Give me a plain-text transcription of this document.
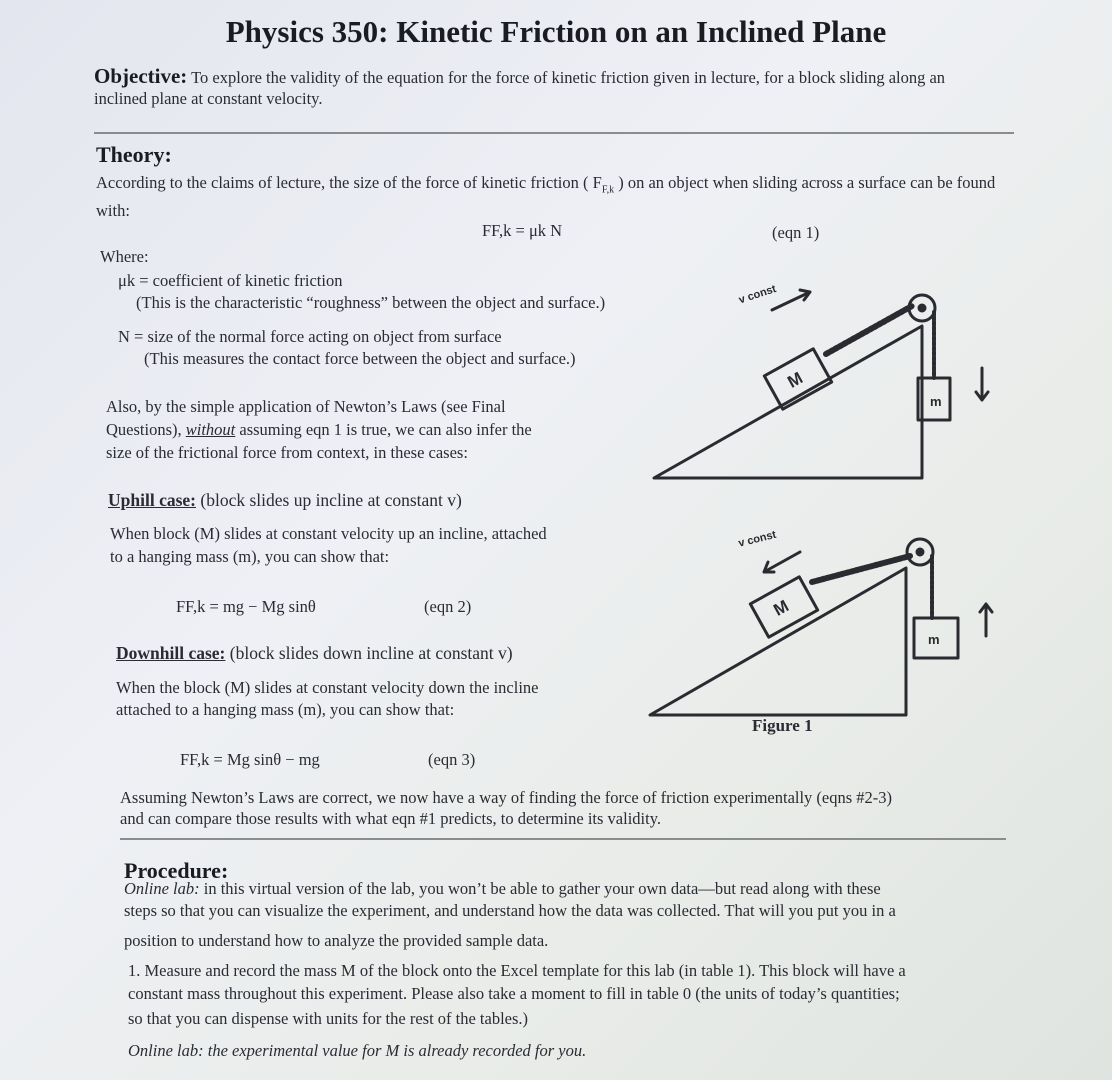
Physics 350: Kinetic Friction on an Inclined Plane
Objective: To explore the validity of the equation for the force of kinetic friction given in lecture, for a block sliding along an inclined plane at constant velocity.
Theory:
According to the claims of lecture, the size of the force of kinetic friction ( $F_{F,k}$ ) on an object when sliding across a surface can be found with:
FF,k = μk N	(eqn 1)
Where:
μk = coefficient of kinetic friction
(This is the characteristic “roughness” between the object and surface.)
N = size of the normal force acting on object from surface
(This measures the contact force between the object and surface.)
Also, by the simple application of Newton’s Laws (see Final
Questions), without assuming eqn 1 is true, we can also infer the
size of the frictional force from context, in these cases:
Uphill case: (block slides up incline at constant v)
When block (M) slides at constant velocity up an incline, attached
to a hanging mass (m), you can show that:
FF,k = mg − Mg sinθ	(eqn 2)
Downhill case: (block slides down incline at constant v)
When the block (M) slides at constant velocity down the incline
attached to a hanging mass (m), you can show that:
FF,k = Mg sinθ − mg	(eqn 3)
M
m
v const
M
m
v const
Figure 1
Assuming Newton’s Laws are correct, we now have a way of finding the force of friction experimentally (eqns #2-3)
and can compare those results with what eqn #1 predicts, to determine its validity.
Procedure:
Online lab: in this virtual version of the lab, you won’t be able to gather your own data—but read along with these
steps so that you can visualize the experiment, and understand how the data was collected. That will you put you in a
position to understand how to analyze the provided sample data.
1. Measure and record the mass M of the block onto the Excel template for this lab (in table 1). This block will have a
constant mass throughout this experiment. Please also take a moment to fill in table 0 (the units of today’s quantities;
so that you can dispense with units for the rest of the tables.)
Online lab: the experimental value for M is already recorded for you.
